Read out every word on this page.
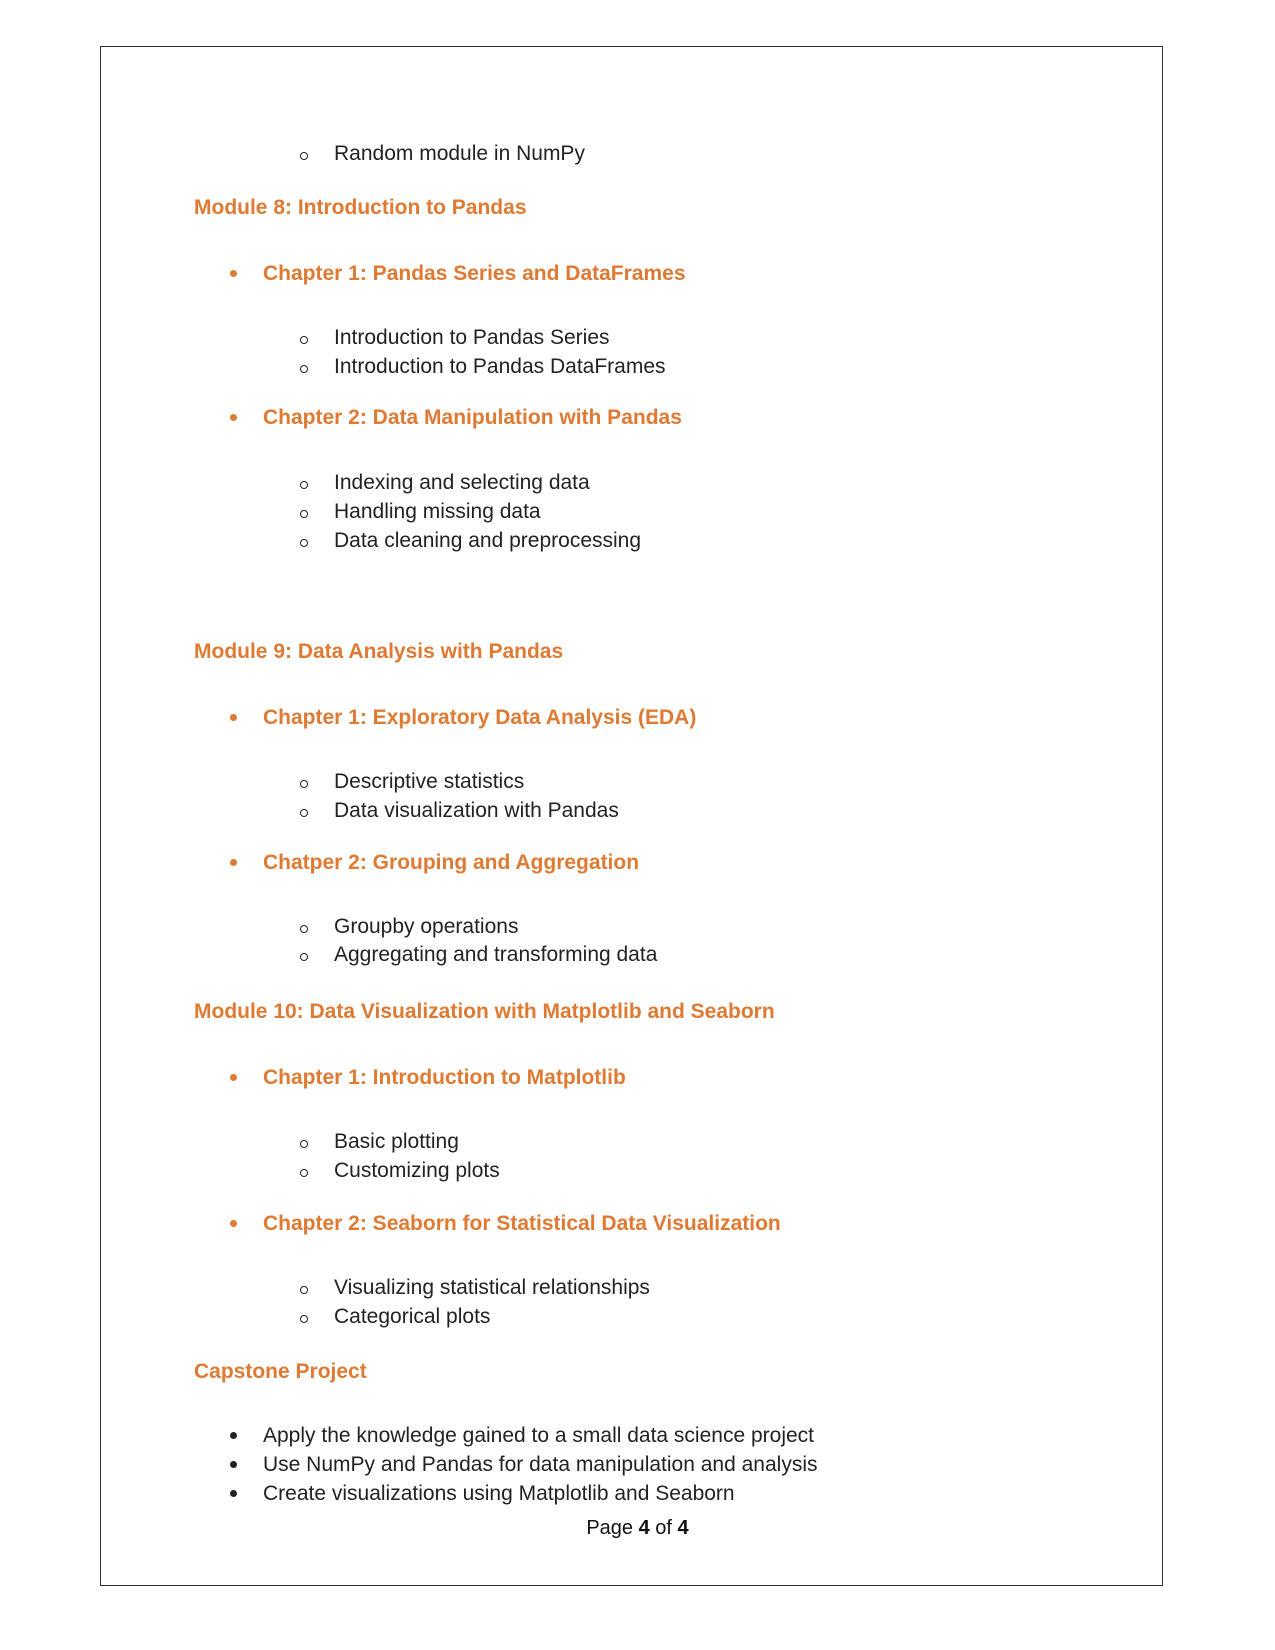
Random module in NumPy
Module 8: Introduction to Pandas
Chapter 1: Pandas Series and DataFrames
Introduction to Pandas Series
Introduction to Pandas DataFrames
Chapter 2: Data Manipulation with Pandas
Indexing and selecting data
Handling missing data
Data cleaning and preprocessing
Module 9: Data Analysis with Pandas
Chapter 1: Exploratory Data Analysis (EDA)
Descriptive statistics
Data visualization with Pandas
Chatper 2: Grouping and Aggregation
Groupby operations
Aggregating and transforming data
Module 10: Data Visualization with Matplotlib and Seaborn
Chapter 1: Introduction to Matplotlib
Basic plotting
Customizing plots
Chapter 2: Seaborn for Statistical Data Visualization
Visualizing statistical relationships
Categorical plots
Capstone Project
Apply the knowledge gained to a small data science project
Use NumPy and Pandas for data manipulation and analysis
Create visualizations using Matplotlib and Seaborn
Page 4 of 4
